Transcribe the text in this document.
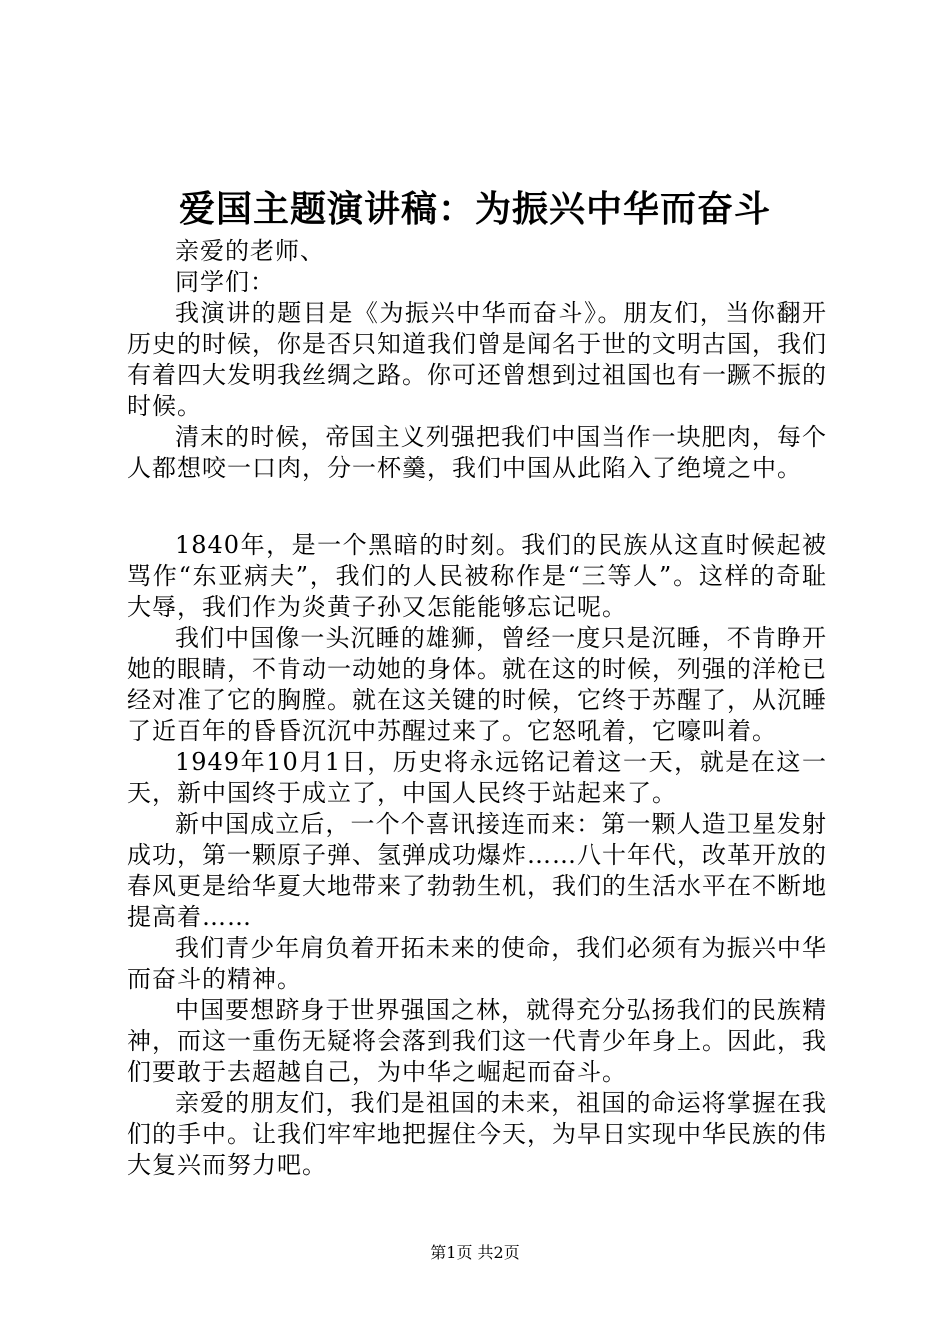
爱国主题演讲稿：为振兴中华而奋斗

亲爱的老师、

同学们：

我演讲的题目是《为振兴中华而奋斗》。朋友们，当你翻开历史的时候，你是否只知道我们曾是闻名于世的文明古国，我们有着四大发明我丝绸之路。你可还曾想到过祖国也有一蹶不振的时候。

清末的时候，帝国主义列强把我们中国当作一块肥肉，每个人都想咬一口肉，分一杯羹，我们中国从此陷入了绝境之中。

1840年，是一个黑暗的时刻。我们的民族从这直时候起被骂作“东亚病夫”，我们的人民被称作是“三等人”。这样的奇耻大辱，我们作为炎黄子孙又怎能能够忘记呢。

我们中国像一头沉睡的雄狮，曾经一度只是沉睡，不肯睁开她的眼睛，不肯动一动她的身体。就在这的时候，列强的洋枪已经对准了它的胸膛。就在这关键的时候，它终于苏醒了，从沉睡了近百年的昏昏沉沉中苏醒过来了。它怒吼着，它嚎叫着。

1949年10月1日，历史将永远铭记着这一天，就是在这一天，新中国终于成立了，中国人民终于站起来了。

新中国成立后，一个个喜讯接连而来：第一颗人造卫星发射成功，第一颗原子弹、氢弹成功爆炸……八十年代，改革开放的春风更是给华夏大地带来了勃勃生机，我们的生活水平在不断地提高着……

我们青少年肩负着开拓未来的使命，我们必须有为振兴中华而奋斗的精神。

中国要想跻身于世界强国之林，就得充分弘扬我们的民族精神，而这一重伤无疑将会落到我们这一代青少年身上。因此，我们要敢于去超越自己，为中华之崛起而奋斗。

亲爱的朋友们，我们是祖国的未来，祖国的命运将掌握在我们的手中。让我们牢牢地把握住今天，为早日实现中华民族的伟大复兴而努力吧。

第1页 共2页
